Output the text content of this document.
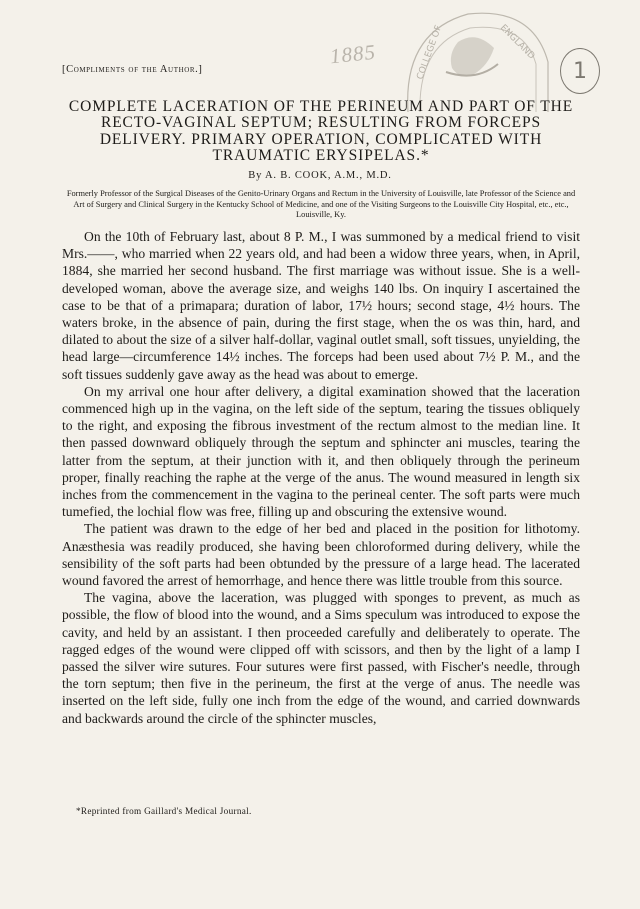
COLLEGE OF	ENGLAND
1885
1
[Compliments of the Author.]
COMPLETE LACERATION OF THE PERINEUM AND PART OF THE RECTO-VAGINAL SEPTUM; RESULTING FROM FORCEPS DELIVERY. PRIMARY OPERATION, COMPLICATED WITH TRAUMATIC ERYSIPELAS.*
By A. B. COOK, A.M., M.D.
Formerly Professor of the Surgical Diseases of the Genito-Urinary Organs and Rectum in the University of Louisville, late Professor of the Science and Art of Surgery and Clinical Surgery in the Kentucky School of Medicine, and one of the Visiting Surgeons to the Louisville City Hospital, etc., etc., Louisville, Ky.

On the 10th of February last, about 8 P. M., I was summoned by a medical friend to visit Mrs.——, who married when 22 years old, and had been a widow three years, when, in April, 1884, she married her second husband. The first marriage was without issue. She is a well-developed woman, above the average size, and weighs 140 lbs. On inquiry I ascertained the case to be that of a primapara; duration of labor, 17½ hours; second stage, 4½ hours. The waters broke, in the absence of pain, during the first stage, when the os was thin, hard, and dilated to about the size of a silver half-dollar, vaginal outlet small, soft tissues, unyielding, the head large—circumference 14½ inches. The forceps had been used about 7½ P. M., and the soft tissues suddenly gave away as the head was about to emerge.

On my arrival one hour after delivery, a digital examination showed that the laceration commenced high up in the vagina, on the left side of the septum, tearing the tissues obliquely to the right, and exposing the fibrous investment of the rectum almost to the median line. It then passed downward obliquely through the septum and sphincter ani muscles, tearing the latter from the septum, at their junction with it, and then obliquely through the perineum proper, finally reaching the raphe at the verge of the anus. The wound measured in length six inches from the commencement in the vagina to the perineal center. The soft parts were much tumefied, the lochial flow was free, filling up and obscuring the extensive wound.

The patient was drawn to the edge of her bed and placed in the position for lithotomy. Anæsthesia was readily produced, she having been chloroformed during delivery, while the sensibility of the soft parts had been obtunded by the pressure of a large head. The lacerated wound favored the arrest of hemorrhage, and hence there was little trouble from this source.

The vagina, above the laceration, was plugged with sponges to prevent, as much as possible, the flow of blood into the wound, and a Sims speculum was introduced to expose the cavity, and held by an assistant. I then proceeded carefully and deliberately to operate. The ragged edges of the wound were clipped off with scissors, and then by the light of a lamp I passed the silver wire sutures. Four sutures were first passed, with Fischer's needle, through the torn septum; then five in the perineum, the first at the verge of anus. The needle was inserted on the left side, fully one inch from the edge of the wound, and carried downwards and backwards around the circle of the sphincter muscles,

*Reprinted from Gaillard's Medical Journal.
